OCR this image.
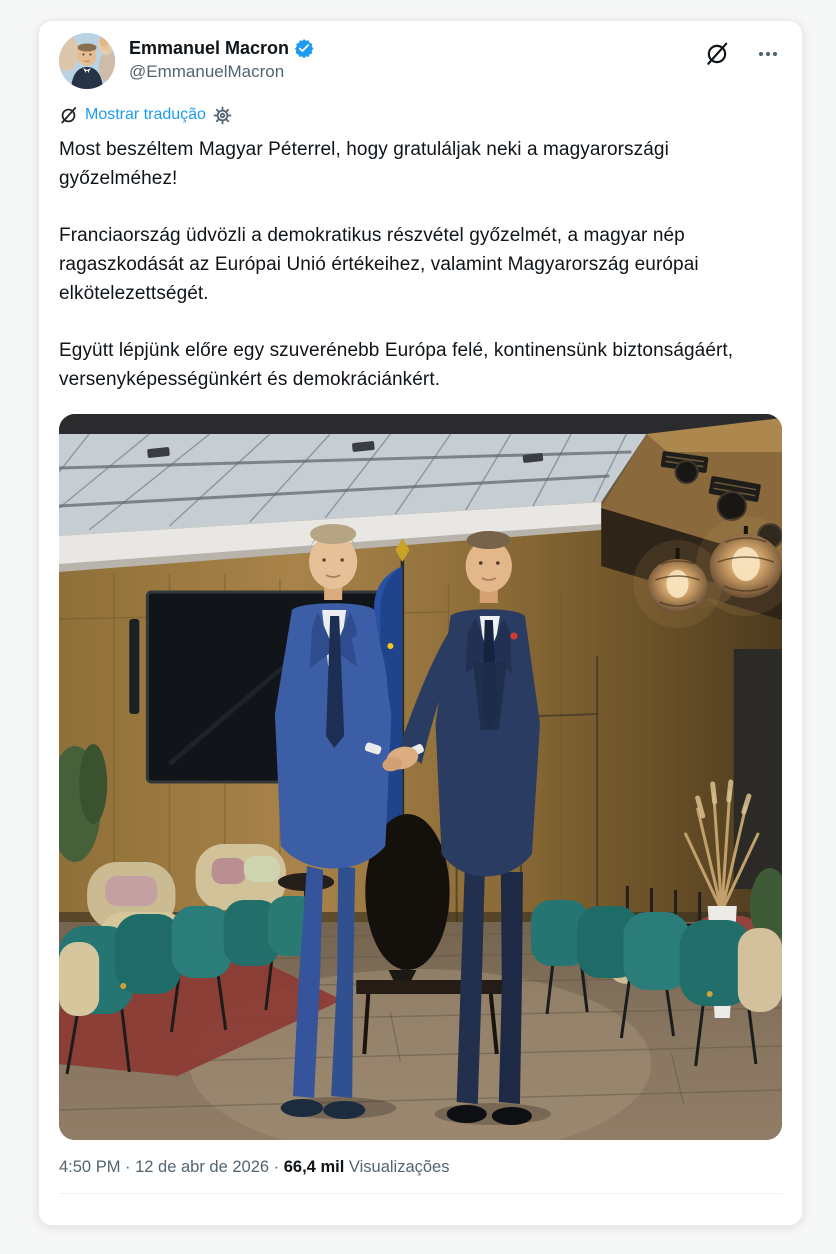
Emmanuel Macron
@EmmanuelMacron
Mostrar tradução

Most beszéltem Magyar Péterrel, hogy gratuláljak neki a magyarországi győzelméhez!

Franciaország üdvözli a demokratikus részvétel győzelmét, a magyar nép ragaszkodását az Európai Unió értékeihez, valamint Magyarország európai elkötelezettségét.

Együtt lépjünk előre egy szuverénebb Európa felé, kontinensünk biztonságáért, versenyképességünkért és demokráciánkért.

4:50 PM · 12 de abr de 2026 · 66,4 mil Visualizações
